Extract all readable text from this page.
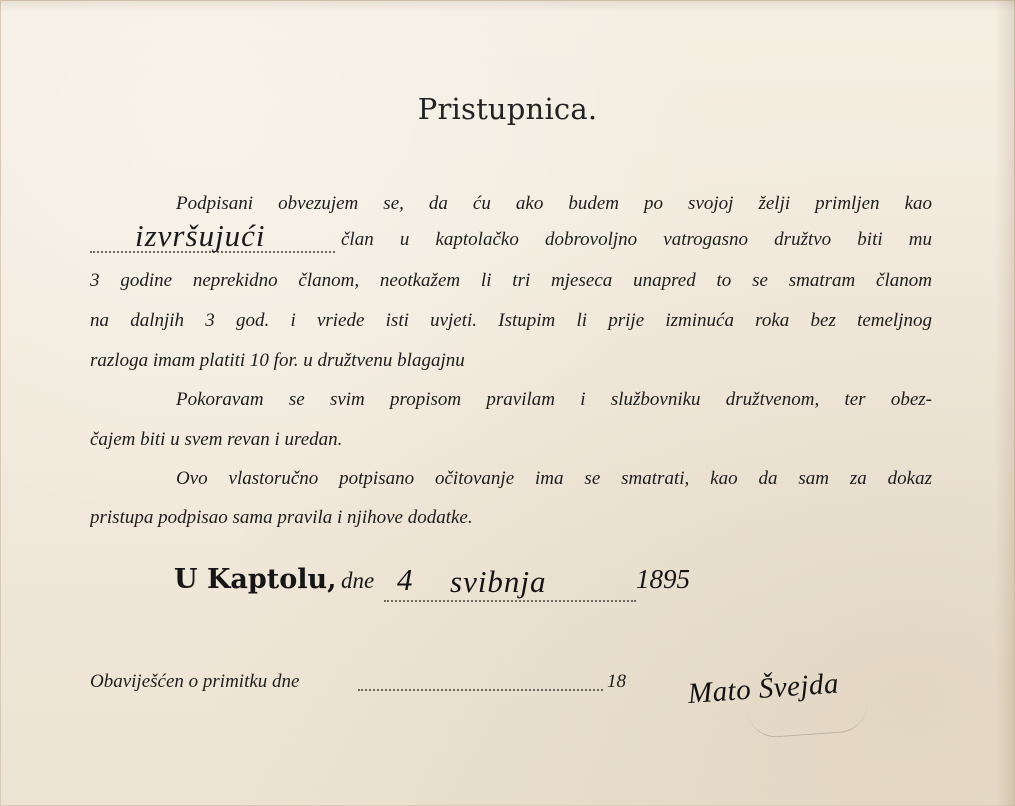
Pristupnica.
Podpisani obvezujem se, da ću ako budem po svojoj želji primljen kao
izvršujući	član u kaptolačko dobrovoljno vatrogasno družtvo biti mu
3 godine neprekidno članom, neotkažem li tri mjeseca unapred to se smatram članom
na dalnjih 3 god. i vriede isti uvjeti. Istupim li prije izminuća roka bez temeljnog
razloga imam platiti 10 for. u družtvenu blagajnu
Pokoravam se svim propisom pravilam i službovniku družtvenom, ter obez-
čajem biti u svem revan i uredan.
Ovo vlastoručno potpisano očitovanje ima se smatrati, kao da sam za dokaz
pristupa podpisao sama pravila i njihove dodatke.
U Kaptolu, dne 4 svibnja	1895
Obaviješćen o primitku dne	18 Mato Švejda
